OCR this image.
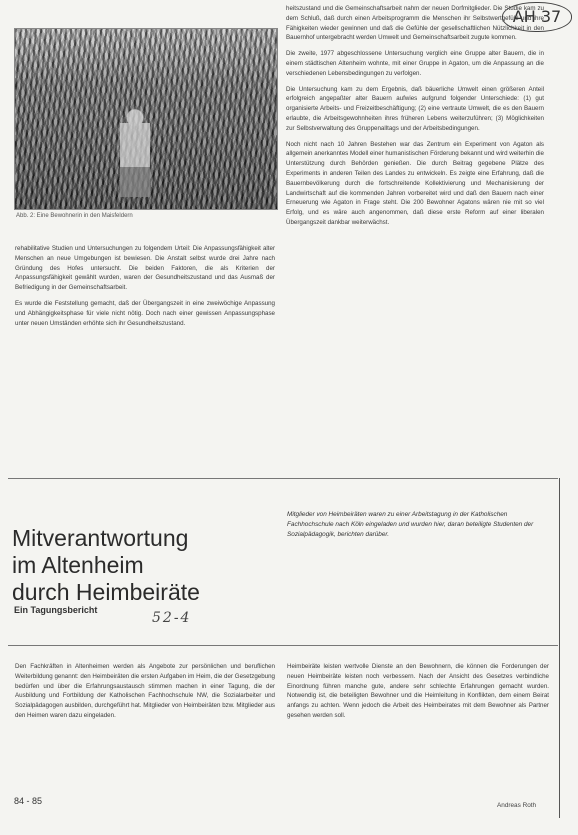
Abb. 2: Eine Bewohnerin in den Maisfeldern
AH 37

rehabilitative Studien und Untersuchungen zu folgendem Urteil: Die Anpassungsfähigkeit alter Menschen an neue Umgebungen ist bewiesen. Die Anstalt selbst wurde drei Jahre nach Gründung des Hofes untersucht. Die beiden Faktoren, die als Kriterien der Anpassungsfähigkeit gewählt wurden, waren der Gesundheitszustand und das Ausmaß der Befriedigung in der Gemeinschaftsarbeit.

Es wurde die Feststellung gemacht, daß der Übergangszeit in eine zweiwöchige Anpassung und Abhängigkeitsphase für viele nicht nötig. Doch nach einer gewissen Anpassungsphase unter neuen Umständen erhöhte sich ihr Gesundheitszustand.

heitszustand und die Gemeinschaftsarbeit nahm der neuen Dorfmitglieder. Die Studie kam zu dem Schluß, daß durch einen Arbeitsprogramm die Menschen ihr Selbstwertgefühl und ihre Fähigkeiten wieder gewinnen und daß die Gefühle der gesellschaftlichen Nützlichkeit in den Bauernhof untergebracht werden Umwelt und Gemeinschaftsarbeit zugute kommen.

Die zweite, 1977 abgeschlossene Untersuchung verglich eine Gruppe alter Bauern, die in einem städtischen Altenheim wohnte, mit einer Gruppe in Agaton, um die Anpassung an die verschiedenen Lebensbedingungen zu verfolgen.

Die Untersuchung kam zu dem Ergebnis, daß bäuerliche Umwelt einen größeren Anteil erfolgreich angepaßter alter Bauern aufwies aufgrund folgender Unterschiede: (1) gut organisierte Arbeits- und Freizeitbeschäftigung; (2) eine vertraute Umwelt, die es den Bauern erlaubte, die Arbeitsgewohnheiten ihres früheren Lebens weiterzuführen; (3) Möglichkeiten zur Selbstverwaltung des Gruppenalltags und der Arbeitsbedingungen.

Noch nicht nach 10 Jahren Bestehen war das Zentrum ein Experiment von Agaton als allgemein anerkanntes Modell einer humanistischen Förderung bekannt und wird weiterhin die Unterstützung durch Behörden genießen. Die durch Beitrag gegebene Plätze des Experiments in anderen Teilen des Landes zu entwickeln. Es zeigte eine Erfahrung, daß die Bauernbevölkerung durch die fortschreitende Kollektivierung und Mechanisierung der Landwirtschaft auf die kommenden Jahren vorbereitet wird und daß den Bauern nach einer Erneuerung wie Agaton in Frage steht. Die 200 Bewohner Agatons wären nie mit so viel Erfolg, und es wäre auch angenommen, daß diese erste Reform auf einer liberalen Übergangszeit dankbar weiterwächst.

Mitverantwortung
im Altenheim
durch Heimbeiräte
Ein Tagungsbericht	52-4
Mitglieder von Heimbeiräten waren zu einer Arbeitstagung in der Katholischen Fachhochschule nach Köln eingeladen und wurden hier, daran beteiligte Studenten der Sozialpädagogik, berichten darüber.

Den Fachkräften in Altenheimen werden als Angebote zur persönlichen und beruflichen Weiterbildung genannt: den Heimbeiräten die ersten Aufgaben im Heim, die der Gesetzgebung bedürfen und über die Erfahrungsaustausch stimmen machen in einer Tagung, die der Ausbildung und Fortbildung der Katholischen Fachhochschule NW, die Sozialarbeiter und Sozialpädagogen ausbilden, durchgeführt hat. Mitglieder von Heimbeiräten bzw. Mitglieder aus den Heimen waren dazu eingeladen.

Heimbeiräte leisten wertvolle Dienste an den Bewohnern, die können die Forderungen der neuen Heimbeiräte leisten noch verbessern. Nach der Ansicht des Gesetzes verbindliche Einordnung führen manche gute, andere sehr schlechte Erfahrungen gemacht wurden. Notwendig ist, die beteiligten Bewohner und die Heimleitung in Konflikten, dem einem Beirat anfangs zu achten. Wenn jedoch die Arbeit des Heimbeirates mit dem Bewohner als Partner gesehen werden soll.

84 - 85	Andreas Roth
